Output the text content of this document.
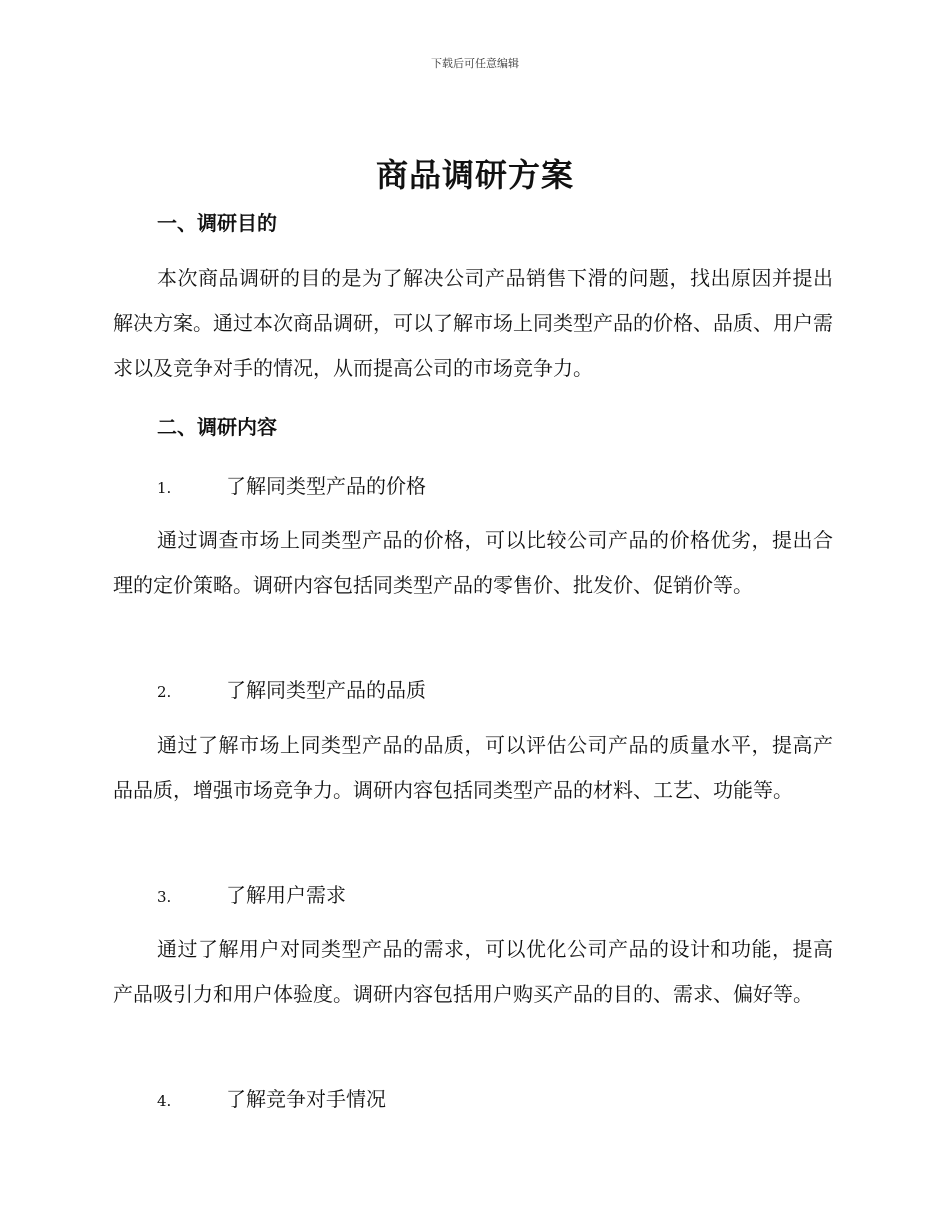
下载后可任意编辑
商品调研方案
一、调研目的

本次商品调研的目的是为了解决公司产品销售下滑的问题，找出原因并提出解决方案。通过本次商品调研，可以了解市场上同类型产品的价格、品质、用户需求以及竞争对手的情况，从而提高公司的市场竞争力。

二、调研内容
1.	了解同类型产品的价格

通过调查市场上同类型产品的价格，可以比较公司产品的价格优劣，提出合理的定价策略。调研内容包括同类型产品的零售价、批发价、促销价等。

2.	了解同类型产品的品质

通过了解市场上同类型产品的品质，可以评估公司产品的质量水平，提高产品品质，增强市场竞争力。调研内容包括同类型产品的材料、工艺、功能等。

3.	了解用户需求

通过了解用户对同类型产品的需求，可以优化公司产品的设计和功能，提高产品吸引力和用户体验度。调研内容包括用户购买产品的目的、需求、偏好等。

4.	了解竞争对手情况
